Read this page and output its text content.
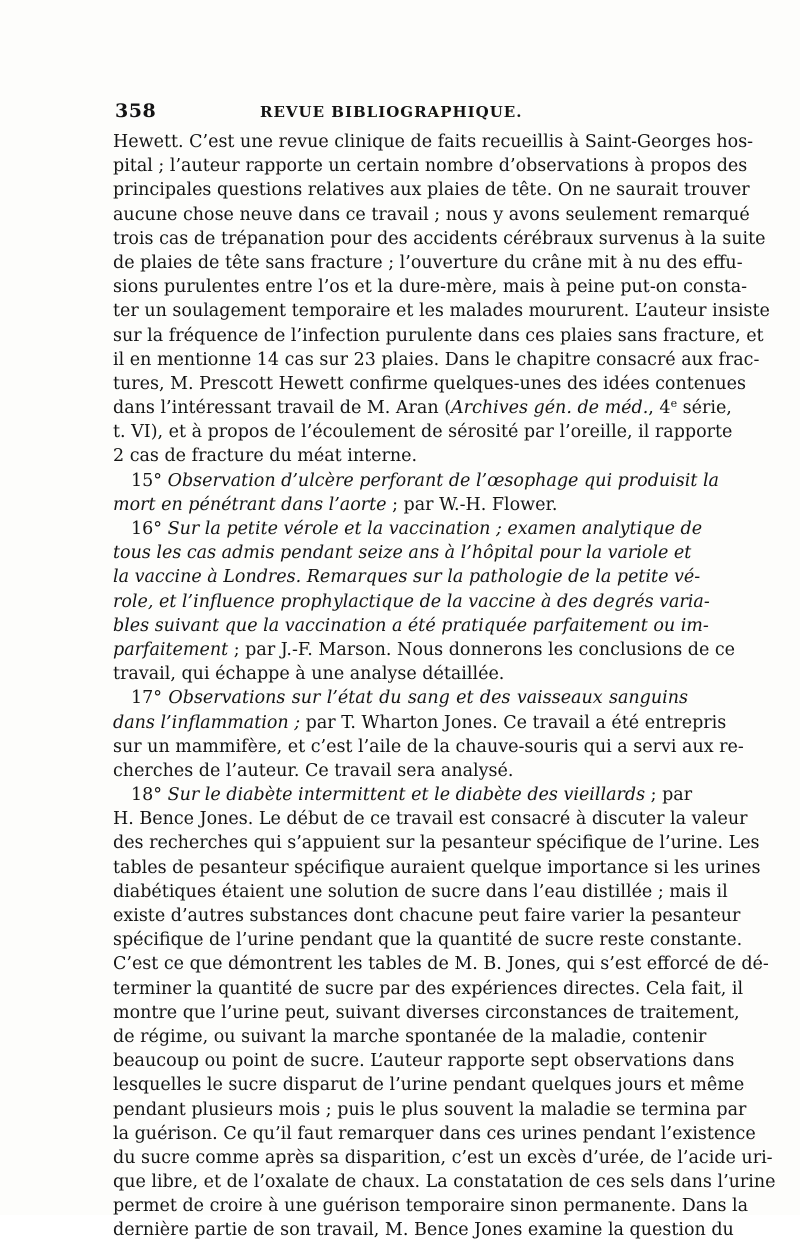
358	REVUE BIBLIOGRAPHIQUE.
Hewett. C’est une revue clinique de faits recueillis à Saint-Georges hos-
pital ; l’auteur rapporte un certain nombre d’observations à propos des
principales questions relatives aux plaies de tête. On ne saurait trouver
aucune chose neuve dans ce travail ; nous y avons seulement remarqué
trois cas de trépanation pour des accidents cérébraux survenus à la suite
de plaies de tête sans fracture ; l’ouverture du crâne mit à nu des effu-
sions purulentes entre l’os et la dure-mère, mais à peine put-on consta-
ter un soulagement temporaire et les malades moururent. L’auteur insiste
sur la fréquence de l’infection purulente dans ces plaies sans fracture, et
il en mentionne 14 cas sur 23 plaies. Dans le chapitre consacré aux frac-
tures, M. Prescott Hewett confirme quelques-unes des idées contenues
dans l’intéressant travail de M. Aran (Archives gén. de méd., 4e série,
t. VI), et à propos de l’écoulement de sérosité par l’oreille, il rapporte
2 cas de fracture du méat interne.
15° Observation d’ulcère perforant de l’œsophage qui produisit la
mort en pénétrant dans l’aorte ; par W.-H. Flower.
16° Sur la petite vérole et la vaccination ; examen analytique de
tous les cas admis pendant seize ans à l’hôpital pour la variole et
la vaccine à Londres. Remarques sur la pathologie de la petite vé-
role, et l’influence prophylactique de la vaccine à des degrés varia-
bles suivant que la vaccination a été pratiquée parfaitement ou im-
parfaitement ; par J.-F. Marson. Nous donnerons les conclusions de ce
travail, qui échappe à une analyse détaillée.
17° Observations sur l’état du sang et des vaisseaux sanguins
dans l’inflammation ; par T. Wharton Jones. Ce travail a été entrepris
sur un mammifère, et c’est l’aile de la chauve-souris qui a servi aux re-
cherches de l’auteur. Ce travail sera analysé.
18° Sur le diabète intermittent et le diabète des vieillards ; par
H. Bence Jones. Le début de ce travail est consacré à discuter la valeur
des recherches qui s’appuient sur la pesanteur spécifique de l’urine. Les
tables de pesanteur spécifique auraient quelque importance si les urines
diabétiques étaient une solution de sucre dans l’eau distillée ; mais il
existe d’autres substances dont chacune peut faire varier la pesanteur
spécifique de l’urine pendant que la quantité de sucre reste constante.
C’est ce que démontrent les tables de M. B. Jones, qui s’est efforcé de dé-
terminer la quantité de sucre par des expériences directes. Cela fait, il
montre que l’urine peut, suivant diverses circonstances de traitement,
de régime, ou suivant la marche spontanée de la maladie, contenir
beaucoup ou point de sucre. L’auteur rapporte sept observations dans
lesquelles le sucre disparut de l’urine pendant quelques jours et même
pendant plusieurs mois ; puis le plus souvent la maladie se termina par
la guérison. Ce qu’il faut remarquer dans ces urines pendant l’existence
du sucre comme après sa disparition, c’est un excès d’urée, de l’acide uri-
que libre, et de l’oxalate de chaux. La constatation de ces sels dans l’urine
permet de croire à une guérison temporaire sinon permanente. Dans la
dernière partie de son travail, M. Bence Jones examine la question du
